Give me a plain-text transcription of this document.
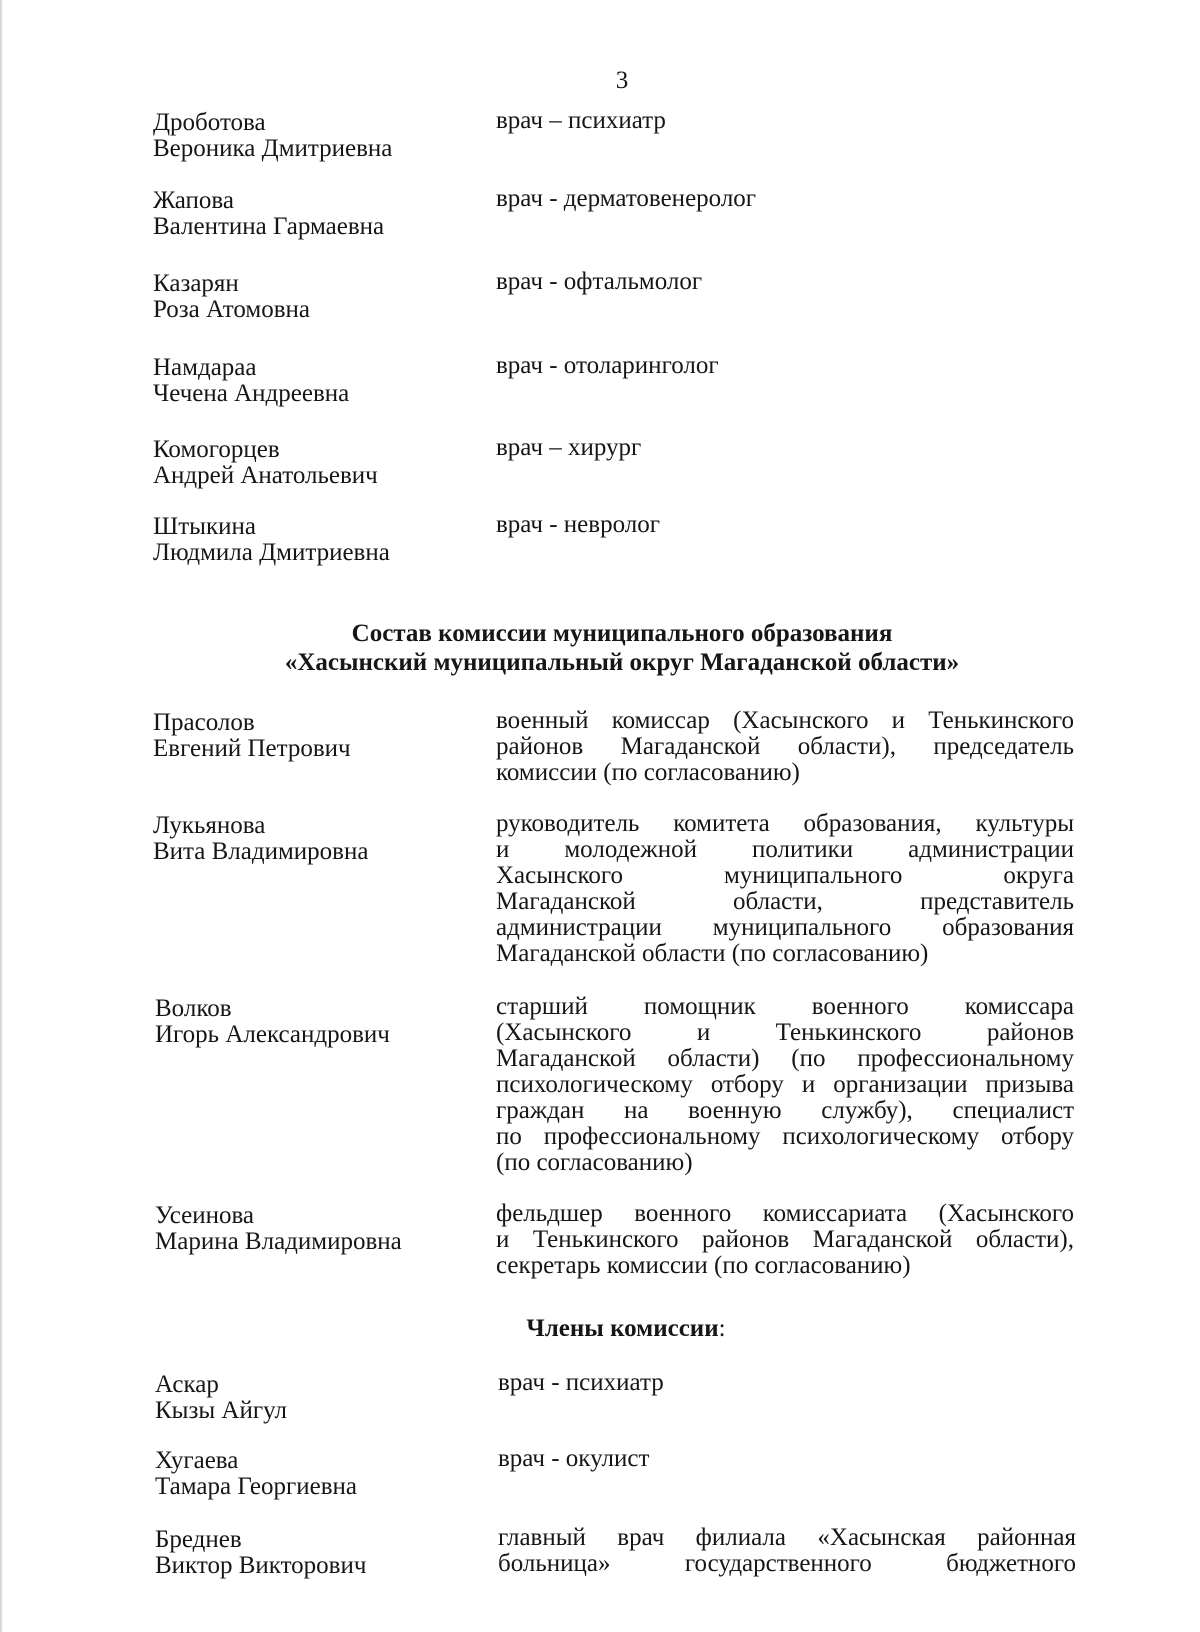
3
Дроботова
Вероника Дмитриевна
врач – психиатр
Жапова
Валентина Гармаевна
врач - дерматовенеролог
Казарян
Роза Атомовна
врач - офтальмолог
Намдараа
Чечена Андреевна
врач - отоларинголог
Комогорцев
Андрей Анатольевич
врач – хирург
Штыкина
Людмила Дмитриевна
врач - невролог
Состав комиссии муниципального образования
«Хасынский муниципальный округ Магаданской области»
Прасолов
Евгений Петрович
военный комиссар (Хасынского и Тенькинского
районов Магаданской области), председатель
комиссии (по согласованию)
Лукьянова
Вита Владимировна
руководитель комитета образования, культуры
и молодежной политики администрации
Хасынского муниципального округа
Магаданской области, представитель
администрации муниципального образования
Магаданской области (по согласованию)
Волков
Игорь Александрович
старший помощник военного комиссара
(Хасынского и Тенькинского районов
Магаданской области) (по профессиональному
психологическому отбору и организации призыва
граждан на военную службу), специалист
по профессиональному психологическому отбору
(по согласованию)
Усеинова
Марина Владимировна
фельдшер военного комиссариата (Хасынского
и Тенькинского районов Магаданской области),
секретарь комиссии (по согласованию)
Члены комиссии:
Аскар
Кызы Айгул
врач - психиатр
Хугаева
Тамара Георгиевна
врач - окулист
Бреднев
Виктор Викторович
главный врач филиала «Хасынская районная
больница» государственного бюджетного
